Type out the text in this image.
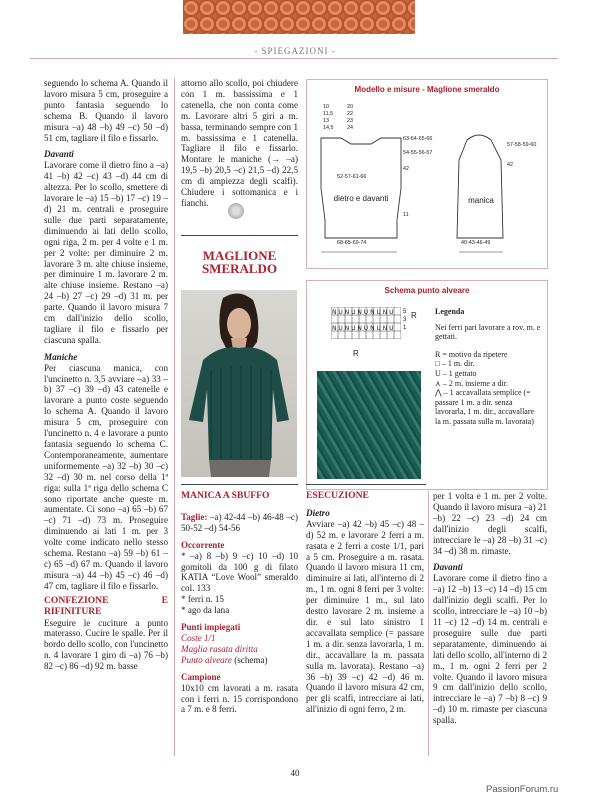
- SPIEGAZIONI -

seguendo lo schema A. Quando il lavoro misura 5 cm, proseguire a punto fantasia seguendo lo schema B. Quando il lavoro misura –a) 48 –b) 49 –c) 50 –d) 51 cm, tagliare il filo e fissarlo.

Davanti

Lavorare come il dietro fino a –a) 41 –b) 42 –c) 43 –d) 44 cm di altezza. Per lo scollo, smettere di lavorare le –a) 15 –b) 17 –c) 19 –d) 21 m. centrali e proseguire sulle due parti separatamente, diminuendo ai lati dello scollo, ogni riga, 2 m. per 4 volte e 1 m. per 2 volte: per diminuire 2 m. lavorare 3 m. alte chiuse insieme, per diminuire 1 m. lavorare 2 m. alte chiuse insieme. Restano –a) 24 –b) 27 –c) 29 –d) 31 m. per parte. Quando il lavoro misura 7 cm dall'inizio dello scollo, tagliare il filo e fissarlo per ciascuna spalla.

Maniche

Per ciascuna manica, con l'uncinetto n. 3,5 avviare –a) 33 –b) 37 –c) 39 –d) 43 catenelle e lavorare a punto coste seguendo lo schema A. Quando il lavoro misura 5 cm, proseguire con l'uncinetto n. 4 e lavorare a punto fantasia seguendo lo schema C. Contemporaneamente, aumentare uniformemente –a) 32 –b) 30 –c) 32 –d) 30 m. nel corso della 1ª riga: sulla 1ª riga dello schema C sono riportate anche queste m. aumentate. Ci sono –a) 65 –b) 67 –c) 71 –d) 73 m. Proseguire diminuendo ai lati 1 m. per 3 volte come indicato nello stesso schema. Restano –a) 59 –b) 61 –c) 65 –d) 67 m. Quando il lavoro misura –a) 44 –b) 45 –c) 46 –d) 47 cm, tagliare il filo e fissarlo.

CONFEZIONE E RIFINITURE

Eseguire le cuciture a punto materasso. Cucire le spalle. Per il bordo dello scollo, con l'uncinetto n. 4 lavorare 1 giro di –a) 76 –b) 82 –c) 86 –d) 92 m. basse

attorno allo scollo, poi chiudere con 1 m. bassissima e 1 catenella, che non conta come m. Lavorare altri 5 giri a m. bassa, terminando sempre con 1 m. bassissima e 1 catenella. Tagliare il filo e fissarlo. Montare le maniche (→ –a) 19,5 –b) 20,5 –c) 21,5 –d) 22,5 cm di ampiezza degli scalfi). Chiudere i sottomanica e i fianchi.

MAGLIONE SMERALDO

MANICA A SBUFFO

Taglie: –a) 42-44 –b) 46-48 –c) 50-52 –d) 54-56

Occorrente

* –a) 8 –b) 9 –c) 10 –d) 10 gomitoli da 100 g di filato KATIA “Love Wool” smeraldo col. 133

* ferri n. 15

* ago da lana

Punti impiegati

Coste 1/1

Maglia rasata diritta

Punto alveare (schema)

Campione

10x10 cm lavorati a m. rasata con i ferri n. 15 corrispondono a 7 m. e 8 ferri.

Modello e misure - Maglione smeraldo
10
11,5
13
14,5
20
22
23
24
63-64-65-66
54-55-56-57
42
52-57-61-66
11
68-65-69-74
dietro e davanti
57-58-59-60
42
40-43-46-49
manica
Schema punto alveare
N U N U N U N U N U
N U N U N U N U N U
5
3
1
R
R
Legenda
Nei ferri pari lavorare a rov. m. e gettati.
R = motivo da ripetere
□ – 1 m. dir.
U – 1 gettato
⋏ – 2 m. insieme a dir.
⋀ – 1 accavallata semplice (= passare 1 m. a dir. senza lavorarla, 1 m. dir., accavallare la m. passata sulla m. lavorata)

ESECUZIONE

Dietro

Avviare –a) 42 –b) 45 –c) 48 –d) 52 m. e lavorare 2 ferri a m. rasata e 2 ferri a coste 1/1, pari a 5 cm. Proseguire a m. rasata. Quando il lavoro misura 11 cm, diminuire ai lati, all'interno di 2 m., 1 m. ogni 8 ferri per 3 volte: per diminuire 1 m., sul lato destro lavorare 2 m. insieme a dir. e sul lato sinistro 1 accavallata semplice (= passare 1 m. a dir. senza lavorarla, 1 m. dir., accavallare la m. passata sulla m. lavorata). Restano –a) 36 –b) 39 –c) 42 –d) 46 m. Quando il lavoro misura 42 cm, per gli scalfi, intrecciare ai lati, all'inizio di ogni ferro, 2 m.

per 1 volta e 1 m. per 2 volte. Quando il lavoro misura –a) 21 –b) 22 –c) 23 –d) 24 cm dall'inizio degli scalfi, intrecciare le –a) 28 –b) 31 –c) 34 –d) 38 m. rimaste.

Davanti

Lavorare come il dietro fino a –a) 12 –b) 13 –c) 14 –d) 15 cm dall'inizio degli scalfi. Per lo scollo, intrecciare le –a) 10 –b) 11 –c) 12 –d) 14 m. centrali e proseguire sulle due parti separatamente, diminuendo ai lati dello scollo, all'interno di 2 m., 1 m. ogni 2 ferri per 2 volte. Quando il lavoro misura 9 cm dall'inizio dello scollo, intrecciare le –a) 7 –b) 8 –c) 9 –d) 10 m. rimaste per ciascuna spalla.

40
PassionForum.ru
